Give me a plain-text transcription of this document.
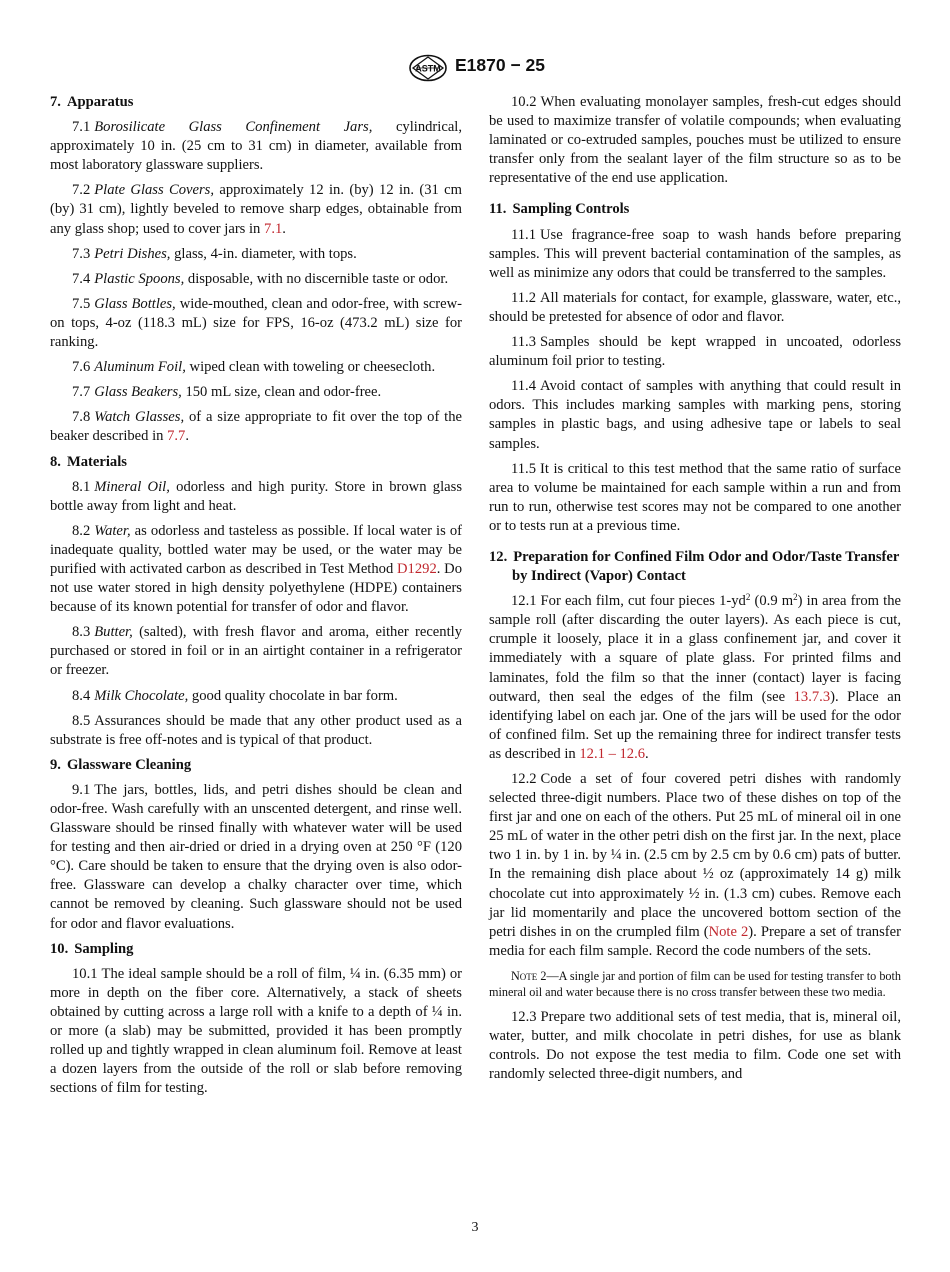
ASTM E1870 − 25
7. Apparatus

7.1 Borosilicate Glass Confinement Jars, cylindrical, approximately 10 in. (25 cm to 31 cm) in diameter, available from most laboratory glassware suppliers.

7.2 Plate Glass Covers, approximately 12 in. (by) 12 in. (31 cm (by) 31 cm), lightly beveled to remove sharp edges, obtainable from any glass shop; used to cover jars in 7.1.

7.3 Petri Dishes, glass, 4-in. diameter, with tops.

7.4 Plastic Spoons, disposable, with no discernible taste or odor.

7.5 Glass Bottles, wide-mouthed, clean and odor-free, with screw-on tops, 4-oz (118.3 mL) size for FPS, 16-oz (473.2 mL) size for ranking.

7.6 Aluminum Foil, wiped clean with toweling or cheesecloth.

7.7 Glass Beakers, 150 mL size, clean and odor-free.

7.8 Watch Glasses, of a size appropriate to fit over the top of the beaker described in 7.7.

8. Materials

8.1 Mineral Oil, odorless and high purity. Store in brown glass bottle away from light and heat.

8.2 Water, as odorless and tasteless as possible. If local water is of inadequate quality, bottled water may be used, or the water may be purified with activated carbon as described in Test Method D1292. Do not use water stored in high density polyethylene (HDPE) containers because of its known potential for transfer of odor and flavor.

8.3 Butter, (salted), with fresh flavor and aroma, either recently purchased or stored in foil or in an airtight container in a refrigerator or freezer.

8.4 Milk Chocolate, good quality chocolate in bar form.

8.5 Assurances should be made that any other product used as a substrate is free off-notes and is typical of that product.

9. Glassware Cleaning

9.1 The jars, bottles, lids, and petri dishes should be clean and odor-free. Wash carefully with an unscented detergent, and rinse well. Glassware should be rinsed finally with whatever water will be used for testing and then air-dried or dried in a drying oven at 250 °F (120 °C). Care should be taken to ensure that the drying oven is also odor-free. Glassware can develop a chalky character over time, which cannot be removed by cleaning. Such glassware should not be used for odor and flavor evaluations.

10. Sampling

10.1 The ideal sample should be a roll of film, ¼ in. (6.35 mm) or more in depth on the fiber core. Alternatively, a stack of sheets obtained by cutting across a large roll with a knife to a depth of ¼ in. or more (a slab) may be submitted, provided it has been promptly rolled up and tightly wrapped in clean aluminum foil. Remove at least a dozen layers from the outside of the roll or slab before removing sections of film for testing.

10.2 When evaluating monolayer samples, fresh-cut edges should be used to maximize transfer of volatile compounds; when evaluating laminated or co-extruded samples, pouches must be utilized to ensure transfer only from the sealant layer of the film structure so as to be representative of the end use application.

11. Sampling Controls

11.1 Use fragrance-free soap to wash hands before preparing samples. This will prevent bacterial contamination of the samples, as well as minimize any odors that could be transferred to the samples.

11.2 All materials for contact, for example, glassware, water, etc., should be pretested for absence of odor and flavor.

11.3 Samples should be kept wrapped in uncoated, odorless aluminum foil prior to testing.

11.4 Avoid contact of samples with anything that could result in odors. This includes marking samples with marking pens, storing samples in plastic bags, and using adhesive tape or labels to seal samples.

11.5 It is critical to this test method that the same ratio of surface area to volume be maintained for each sample within a run and from run to run, otherwise test scores may not be compared to one another or to tests run at a previous time.

12. Preparation for Confined Film Odor and Odor/Taste Transfer by Indirect (Vapor) Contact

12.1 For each film, cut four pieces $1-yd^2$ (0.9 $m^2$) in area from the sample roll (after discarding the outer layers). As each piece is cut, crumple it loosely, place it in a glass confinement jar, and cover it immediately with a square of plate glass. For printed films and laminates, fold the film so that the inner (contact) layer is facing outward, then seal the edges of the film (see 13.7.3). Place an identifying label on each jar. One of the jars will be used for the odor of confined film. Set up the remaining three for indirect transfer tests as described in 12.1 – 12.6.

12.2 Code a set of four covered petri dishes with randomly selected three-digit numbers. Place two of these dishes on top of the first jar and one on each of the others. Put 25 mL of mineral oil in one 25 mL of water in the other petri dish on the first jar. In the next, place two 1 in. by 1 in. by ¼ in. (2.5 cm by 2.5 cm by 0.6 cm) pats of butter. In the remaining dish place about ½ oz (approximately 14 g) milk chocolate cut into approximately ½ in. (1.3 cm) cubes. Remove each jar lid momentarily and place the uncovered bottom section of the petri dishes in on the crumpled film (Note 2). Prepare a set of transfer media for each film sample. Record the code numbers of the sets.

Note 2—A single jar and portion of film can be used for testing transfer to both mineral oil and water because there is no cross transfer between these two media.

12.3 Prepare two additional sets of test media, that is, mineral oil, water, butter, and milk chocolate in petri dishes, for use as blank controls. Do not expose the test media to film. Code one set with randomly selected three-digit numbers, and

3
